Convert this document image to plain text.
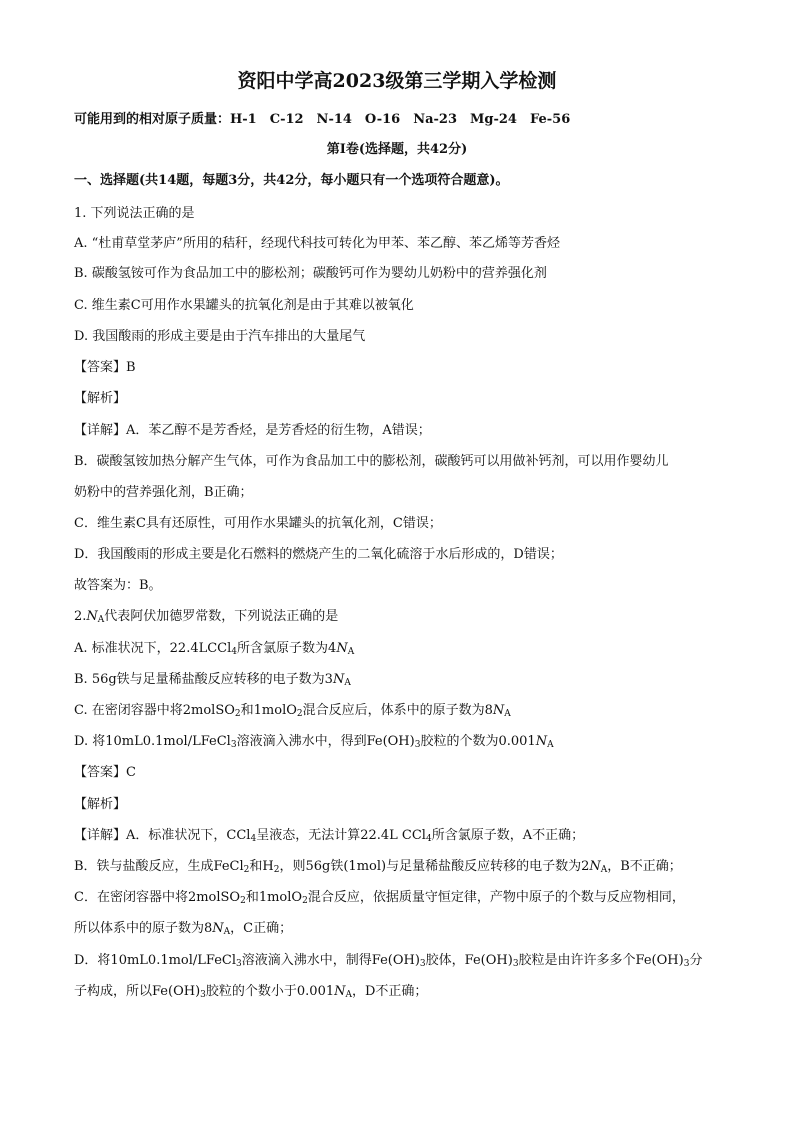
资阳中学高2023级第三学期入学检测
可能用到的相对原子质量：H-1　C-12　N-14　O-16　Na-23　Mg-24　Fe-56
第Ⅰ卷(选择题，共42分)
一、选择题(共14题，每题3分，共42分，每小题只有一个选项符合题意)。
1. 下列说法正确的是
A. “杜甫草堂茅庐”所用的秸秆，经现代科技可转化为甲苯、苯乙醇、苯乙烯等芳香烃
B. 碳酸氢铵可作为食品加工中的膨松剂；碳酸钙可作为婴幼儿奶粉中的营养强化剂
C. 维生素C可用作水果罐头的抗氧化剂是由于其难以被氧化
D. 我国酸雨的形成主要是由于汽车排出的大量尾气
【答案】B
【解析】
【详解】A．苯乙醇不是芳香烃，是芳香烃的衍生物，A错误；
B．碳酸氢铵加热分解产生气体，可作为食品加工中的膨松剂，碳酸钙可以用做补钙剂，可以用作婴幼儿
奶粉中的营养强化剂，B正确；
C．维生素C具有还原性，可用作水果罐头的抗氧化剂，C错误；
D．我国酸雨的形成主要是化石燃料的燃烧产生的二氧化硫溶于水后形成的，D错误；
故答案为：B。
$2.N_A$代表阿伏加德罗常数，下列说法正确的是
A. 标准状况下，22.4LCCl$_4$所含氯原子数为$4N_A$
B. 56g铁与足量稀盐酸反应转移的电子数为$3N_A$
C. 在密闭容器中将2molSO$_2$和1molO$_2$混合反应后，体系中的原子数为$8N_A$
D. 将10mL0.1mol/LFeCl$_3$溶液滴入沸水中，得到$Fe(OH)_3$胶粒的个数为$0.001N_A$
【答案】C
【解析】
【详解】A．标准状况下，CCl$_4$呈液态，无法计算22.4L CCl$_4$所含氯原子数，A不正确；
B．铁与盐酸反应，生成FeCl$_2$和$H_2$，则56g铁(1mol)与足量稀盐酸反应转移的电子数为$2N_A$，B不正确；
C．在密闭容器中将2molSO$_2$和1molO$_2$混合反应，依据质量守恒定律，产物中原子的个数与反应物相同，
所以体系中的原子数为$8N_A$，C正确；
D．将10mL0.1mol/LFeCl$_3$溶液滴入沸水中，制得$Fe(OH)_3$胶体，$Fe(OH)_3$胶粒是由许许多多个$Fe(OH)_3$分
子构成，所以$Fe(OH)_3$胶粒的个数小于$0.001N_A$，D不正确；
